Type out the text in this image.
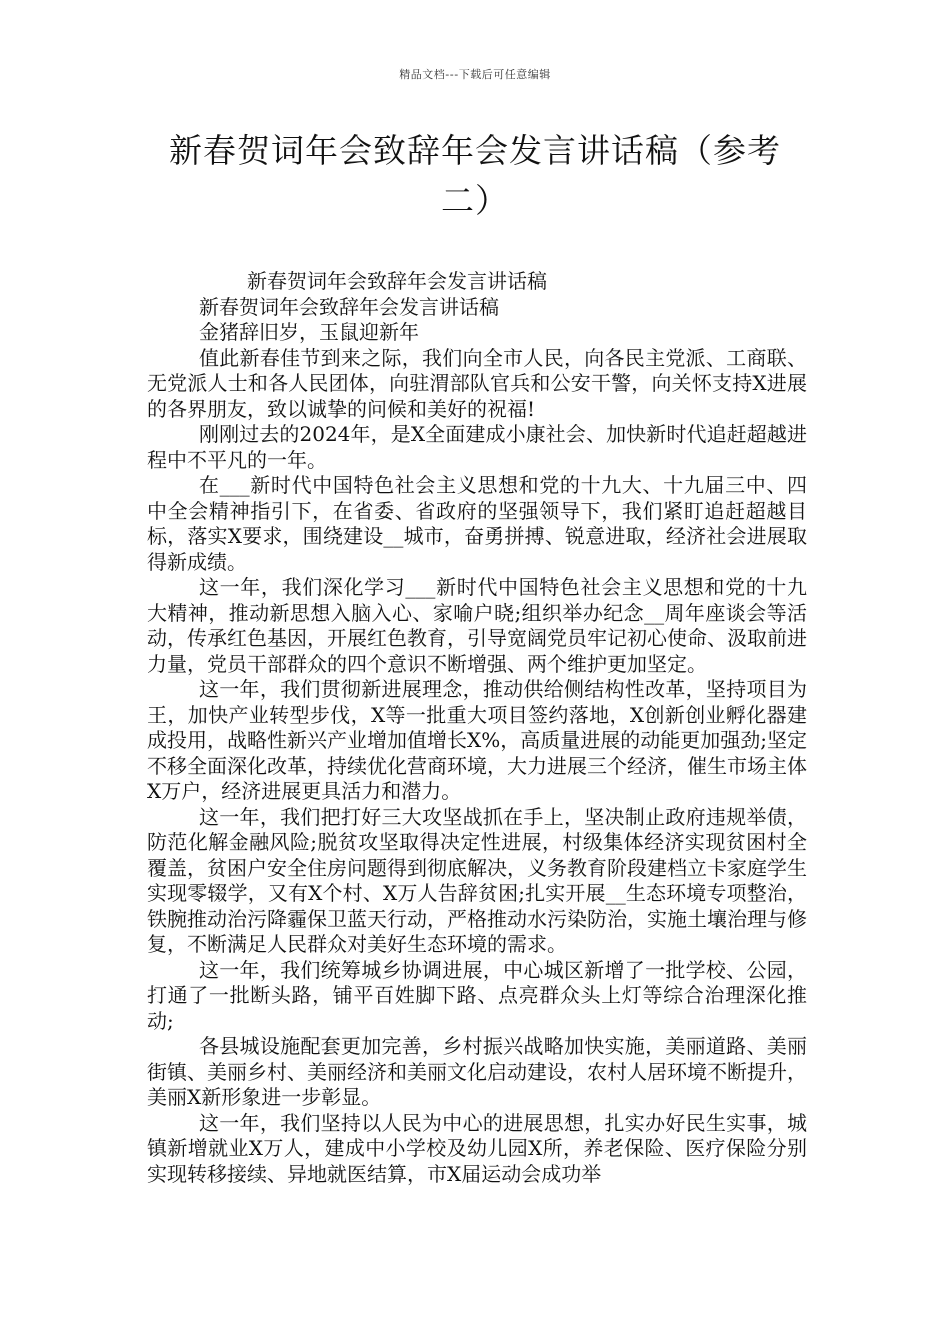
精品文档---下载后可任意编辑
新春贺词年会致辞年会发言讲话稿（参考二）

新春贺词年会致辞年会发言讲话稿

新春贺词年会致辞年会发言讲话稿

金猪辞旧岁，玉鼠迎新年

值此新春佳节到来之际，我们向全市人民，向各民主党派、工商联、无党派人士和各人民团体，向驻渭部队官兵和公安干警，向关怀支持X进展的各界朋友，致以诚挚的问候和美好的祝福!

刚刚过去的2024年，是X全面建成小康社会、加快新时代追赶超越进程中不平凡的一年。

在___新时代中国特色社会主义思想和党的十九大、十九届三中、四中全会精神指引下，在省委、省政府的坚强领导下，我们紧盯追赶超越目标，落实X要求，围绕建设__城市，奋勇拼搏、锐意进取，经济社会进展取得新成绩。

这一年，我们深化学习___新时代中国特色社会主义思想和党的十九大精神，推动新思想入脑入心、家喻户晓;组织举办纪念__周年座谈会等活动，传承红色基因，开展红色教育，引导宽阔党员牢记初心使命、汲取前进力量，党员干部群众的四个意识不断增强、两个维护更加坚定。

这一年，我们贯彻新进展理念，推动供给侧结构性改革，坚持项目为王，加快产业转型步伐，X等一批重大项目签约落地，X创新创业孵化器建成投用，战略性新兴产业增加值增长X%，高质量进展的动能更加强劲;坚定不移全面深化改革，持续优化营商环境，大力进展三个经济，催生市场主体X万户，经济进展更具活力和潜力。

这一年，我们把打好三大攻坚战抓在手上，坚决制止政府违规举债，防范化解金融风险;脱贫攻坚取得决定性进展，村级集体经济实现贫困村全覆盖，贫困户安全住房问题得到彻底解决，义务教育阶段建档立卡家庭学生实现零辍学，又有X个村、X万人告辞贫困;扎实开展__生态环境专项整治，铁腕推动治污降霾保卫蓝天行动，严格推动水污染防治，实施土壤治理与修复，不断满足人民群众对美好生态环境的需求。

这一年，我们统筹城乡协调进展，中心城区新增了一批学校、公园，打通了一批断头路，铺平百姓脚下路、点亮群众头上灯等综合治理深化推动;

各县城设施配套更加完善，乡村振兴战略加快实施，美丽道路、美丽街镇、美丽乡村、美丽经济和美丽文化启动建设，农村人居环境不断提升，美丽X新形象进一步彰显。

这一年，我们坚持以人民为中心的进展思想，扎实办好民生实事，城镇新增就业X万人，建成中小学校及幼儿园X所，养老保险、医疗保险分别实现转移接续、异地就医结算，市X届运动会成功举
